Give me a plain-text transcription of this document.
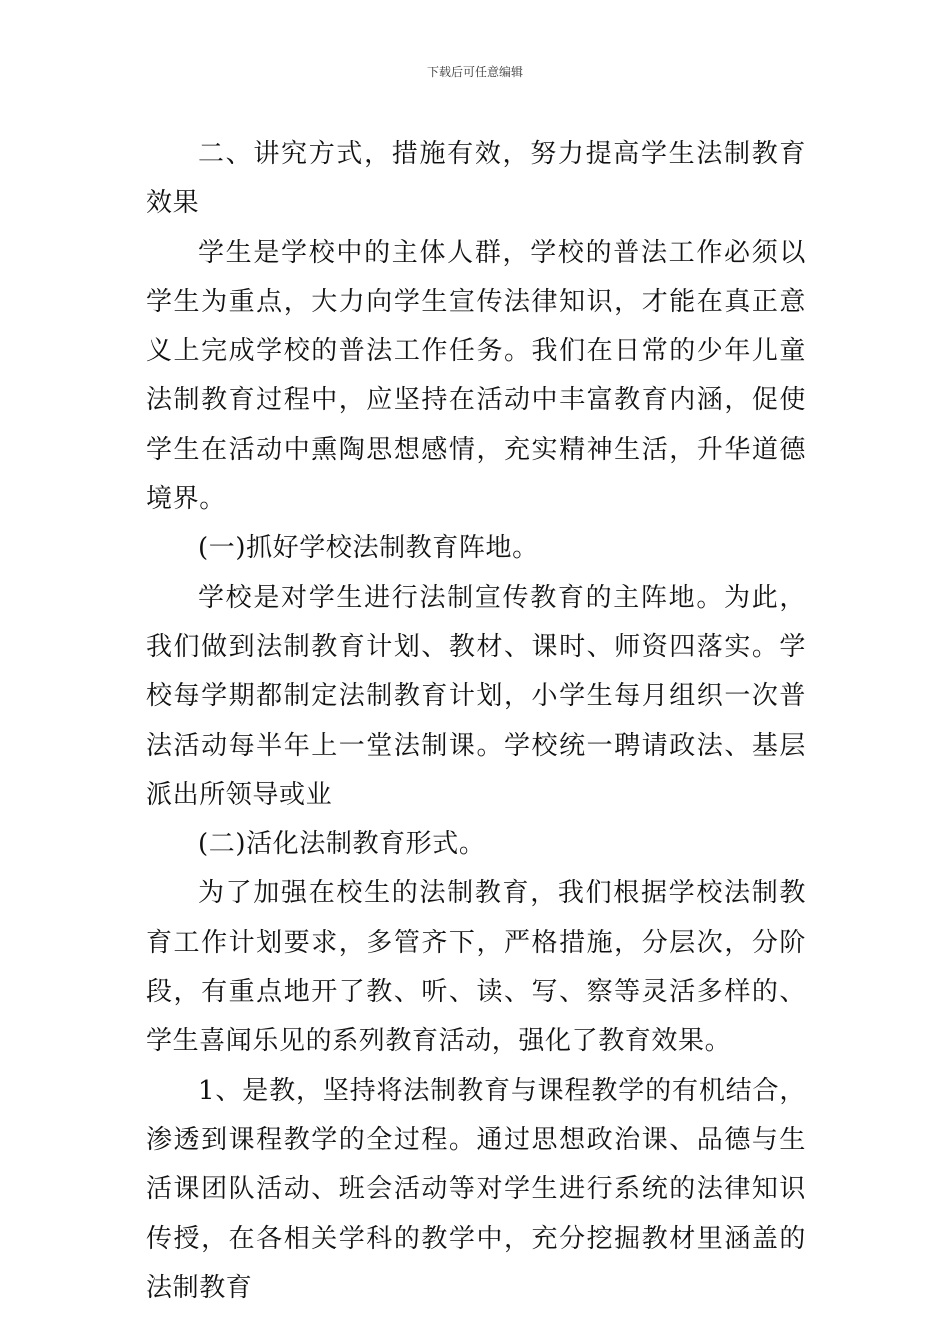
下载后可任意编辑

二、讲究方式，措施有效，努力提高学生法制教育效果

学生是学校中的主体人群，学校的普法工作必须以学生为重点，大力向学生宣传法律知识，才能在真正意义上完成学校的普法工作任务。我们在日常的少年儿童法制教育过程中，应坚持在活动中丰富教育内涵，促使学生在活动中熏陶思想感情，充实精神生活，升华道德境界。

(一)抓好学校法制教育阵地。

学校是对学生进行法制宣传教育的主阵地。为此，我们做到法制教育计划、教材、课时、师资四落实。学校每学期都制定法制教育计划，小学生每月组织一次普法活动每半年上一堂法制课。学校统一聘请政法、基层派出所领导或业

(二)活化法制教育形式。

为了加强在校生的法制教育，我们根据学校法制教育工作计划要求，多管齐下，严格措施，分层次，分阶段，有重点地开了教、听、读、写、察等灵活多样的、学生喜闻乐见的系列教育活动，强化了教育效果。

1、是教，坚持将法制教育与课程教学的有机结合，渗透到课程教学的全过程。通过思想政治课、品德与生活课团队活动、班会活动等对学生进行系统的法律知识传授，在各相关学科的教学中，充分挖掘教材里涵盖的法制教育
